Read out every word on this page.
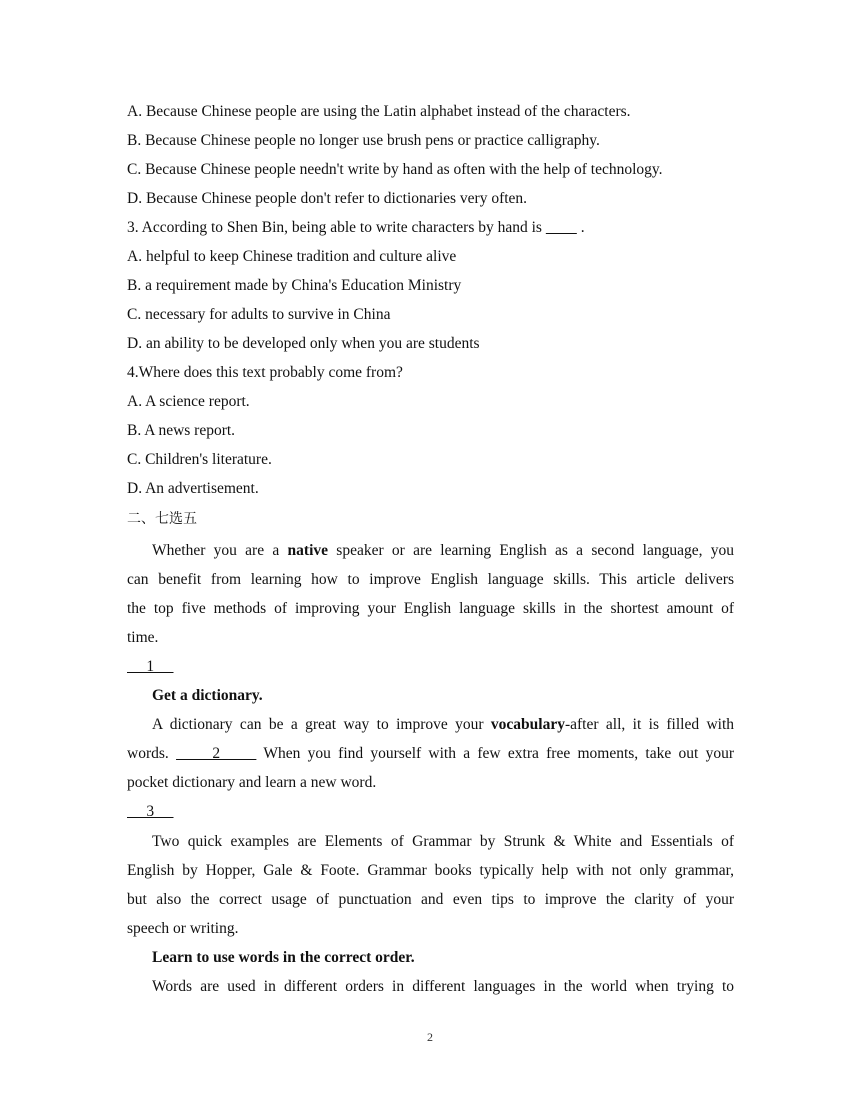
A. Because Chinese people are using the Latin alphabet instead of the characters.
B. Because Chinese people no longer use brush pens or practice calligraphy.
C. Because Chinese people needn't write by hand as often with the help of technology.
D. Because Chinese people don't refer to dictionaries very often.
3. According to Shen Bin, being able to write characters by hand is	.
A. helpful to keep Chinese tradition and culture alive
B. a requirement made by China's Education Ministry
C. necessary for adults to survive in China
D. an ability to be developed only when you are students
4.Where does this text probably come from?
A. A science report.
B. A news report.
C. Children's literature.
D. An advertisement.
二、七选五
Whether you are a native speaker or are learning English as a second language, you
can benefit from learning how to improve English language skills. This article delivers
the top five methods of improving your English language skills in the shortest amount of
time.
1
Get a dictionary.
A dictionary can be a great way to improve your vocabulary-after all, it is filled with
words.      2      When you find yourself with a few extra free moments, take out your
pocket dictionary and learn a new word.
3
Two quick examples are Elements of Grammar by Strunk & White and Essentials of
English by Hopper, Gale & Foote. Grammar books typically help with not only grammar,
but also the correct usage of punctuation and even tips to improve the clarity of your
speech or writing.
Learn to use words in the correct order.
Words are used in different orders in different languages in the world when trying to
2
